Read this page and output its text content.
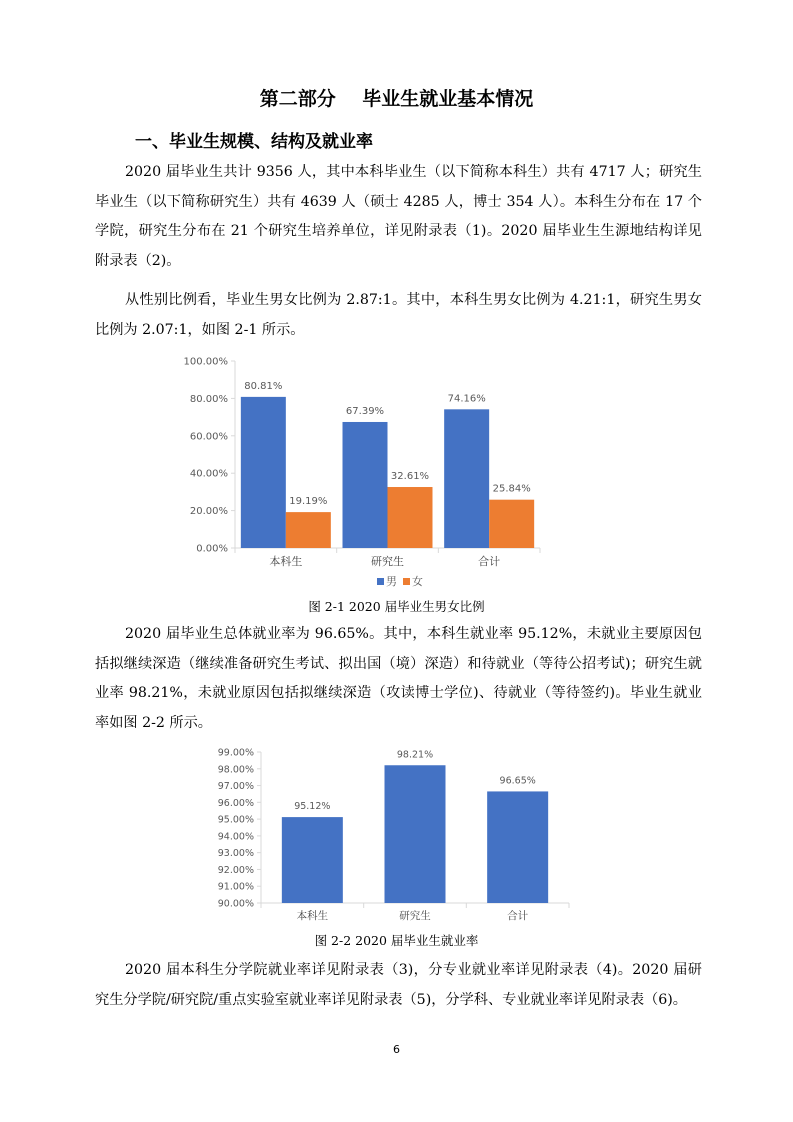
第二部分    毕业生就业基本情况
一、毕业生规模、结构及就业率
2020 届毕业生共计 9356 人，其中本科毕业生（以下简称本科生）共有 4717 人；研究生毕业生（以下简称研究生）共有 4639 人（硕士 4285 人，博士 354 人）。本科生分布在 17 个学院，研究生分布在 21 个研究生培养单位，详见附录表（1)。2020 届毕业生生源地结构详见附录表（2)。
从性别比例看，毕业生男女比例为 2.87:1。其中，本科生男女比例为 4.21:1，研究生男女比例为 2.07:1，如图 2-1 所示。
0.00%
20.00%
40.00%
60.00%
80.00%
100.00%
80.81%
19.19%
本科生
67.39%
32.61%
研究生
74.16%
25.84%
合计
男 女
图 2-1 2020 届毕业生男女比例
2020 届毕业生总体就业率为 96.65%。其中，本科生就业率 95.12%，未就业主要原因包括拟继续深造（继续准备研究生考试、拟出国（境）深造）和待就业（等待公招考试)；研究生就业率 98.21%，未就业原因包括拟继续深造（攻读博士学位)、待就业（等待签约)。毕业生就业率如图 2-2 所示。
90.00%
91.00%
92.00%
93.00%
94.00%
95.00%
96.00%
97.00%
98.00%
99.00%
95.12%
本科生
98.21%
研究生
96.65%
合计
图 2-2 2020 届毕业生就业率
2020 届本科生分学院就业率详见附录表（3)，分专业就业率详见附录表（4)。2020 届研究生分学院/研究院/重点实验室就业率详见附录表（5)，分学科、专业就业率详见附录表（6)。
6
